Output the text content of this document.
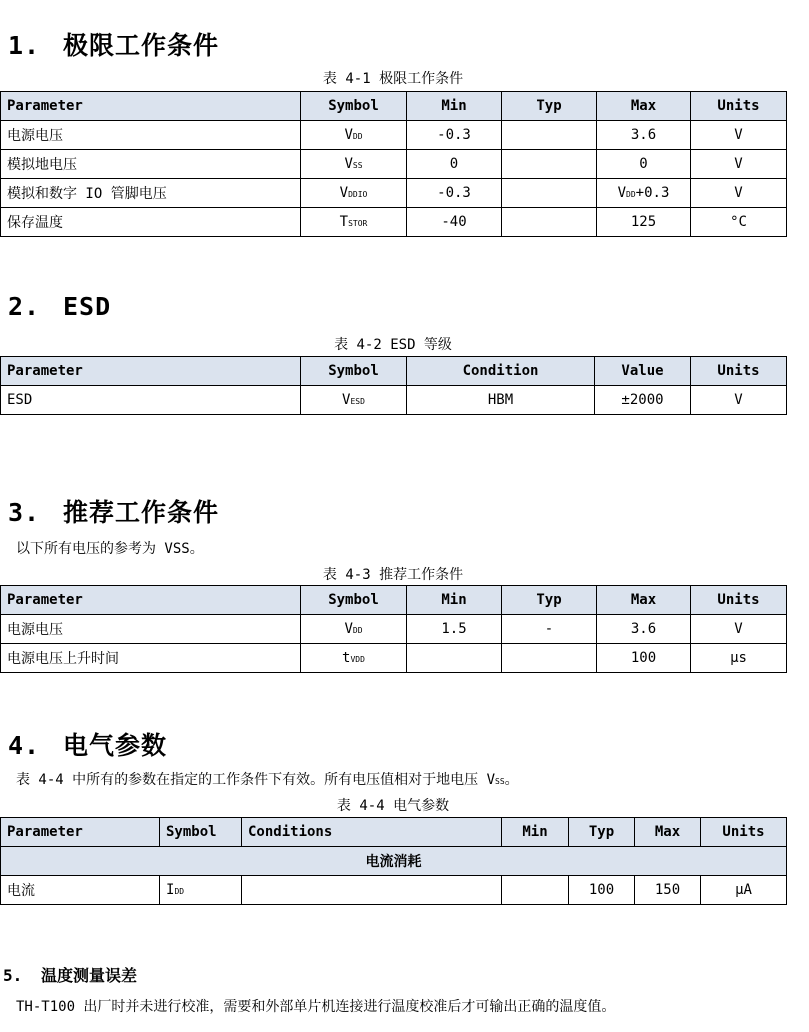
1. 极限工作条件
表 4-1 极限工作条件
Parameter	Symbol	Min	Typ	Max	Units
电源电压	VDD	-0.3		3.6	V
模拟地电压	VSS	0		0	V
模拟和数字 IO 管脚电压	VDDIO	-0.3		VDD+0.3	V
保存温度	TSTOR	-40		125	°C
2. ESD
表 4-2 ESD 等级
Parameter	Symbol	Condition	Value	Units
ESD	VESD	HBM	±2000	V
3. 推荐工作条件
以下所有电压的参考为 VSS。
表 4-3 推荐工作条件
Parameter	Symbol	Min	Typ	Max	Units
电源电压	VDD	1.5	-	3.6	V
电源电压上升时间	tVDD			100	μs
4. 电气参数
表 4-4 中所有的参数在指定的工作条件下有效。所有电压值相对于地电压 VSS。
表 4-4 电气参数
Parameter	Symbol	Conditions	Min	Typ	Max	Units
电流消耗						
电流	IDD			100	150	μA
5. 温度测量误差
TH-T100 出厂时并未进行校准，需要和外部单片机连接进行温度校准后才可输出正确的温度值。
